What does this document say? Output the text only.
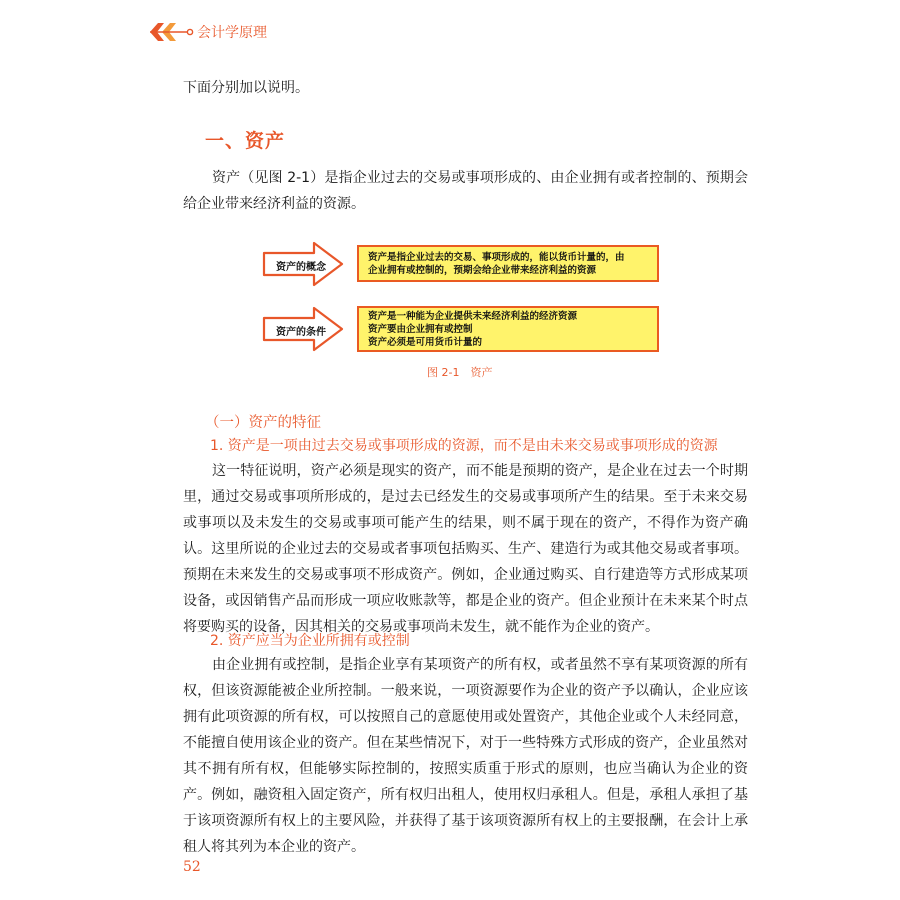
会计学原理
下面分别加以说明。
一、资产
资产（见图 2-1）是指企业过去的交易或事项形成的、由企业拥有或者控制的、预期会给企业带来经济利益的资源。
资产的概念
资产是指企业过去的交易、事项形成的，能以货币计量的，由
企业拥有或控制的，预期会给企业带来经济利益的资源
资产的条件
资产是一种能为企业提供未来经济利益的经济资源
资产要由企业拥有或控制
资产必须是可用货币计量的
图 2-1　资产
（一）资产的特征
1. 资产是一项由过去交易或事项形成的资源，而不是由未来交易或事项形成的资源
这一特征说明，资产必须是现实的资产，而不能是预期的资产，是企业在过去一个时期里，通过交易或事项所形成的，是过去已经发生的交易或事项所产生的结果。至于未来交易或事项以及未发生的交易或事项可能产生的结果，则不属于现在的资产，不得作为资产确认。这里所说的企业过去的交易或者事项包括购买、生产、建造行为或其他交易或者事项。预期在未来发生的交易或事项不形成资产。例如，企业通过购买、自行建造等方式形成某项设备，或因销售产品而形成一项应收账款等，都是企业的资产。但企业预计在未来某个时点将要购买的设备，因其相关的交易或事项尚未发生，就不能作为企业的资产。
2. 资产应当为企业所拥有或控制
由企业拥有或控制，是指企业享有某项资产的所有权，或者虽然不享有某项资源的所有权，但该资源能被企业所控制。一般来说，一项资源要作为企业的资产予以确认，企业应该拥有此项资源的所有权，可以按照自己的意愿使用或处置资产，其他企业或个人未经同意，不能擅自使用该企业的资产。但在某些情况下，对于一些特殊方式形成的资产，企业虽然对其不拥有所有权，但能够实际控制的，按照实质重于形式的原则，也应当确认为企业的资产。例如，融资租入固定资产，所有权归出租人，使用权归承租人。但是，承租人承担了基于该项资源所有权上的主要风险，并获得了基于该项资源所有权上的主要报酬，在会计上承租人将其列为本企业的资产。
52
